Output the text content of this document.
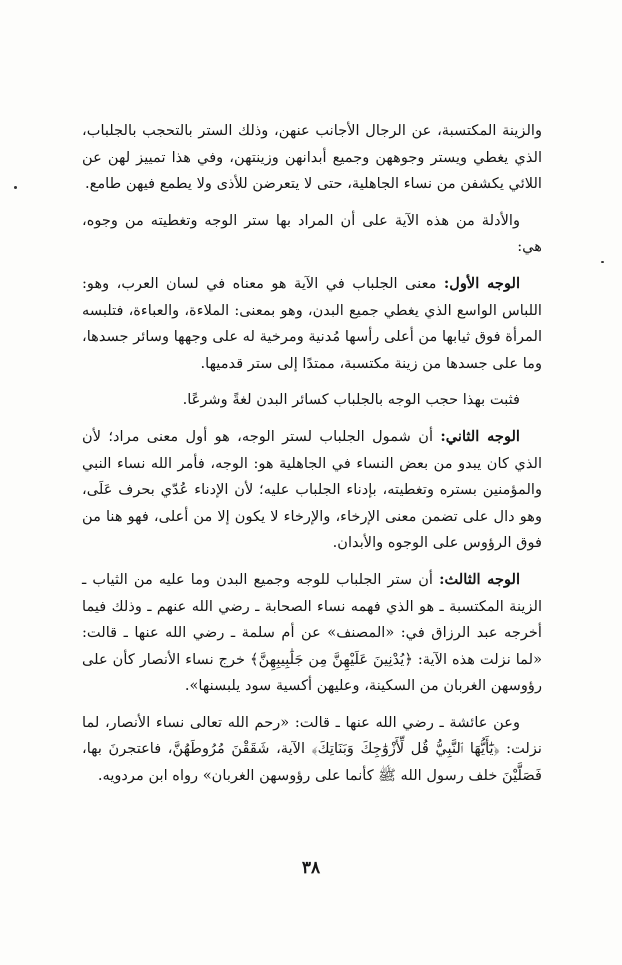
والزينة المكتسبة، عن الرجال الأجانب عنهن، وذلك الستر بالتحجب بالجلباب، الذي يغطي ويستر وجوههن وجميع أبدانهن وزينتهن، وفي هذا تمييز لهن عن اللائي يكشفن من نساء الجاهلية، حتى لا يتعرضن للأذى ولا يطمع فيهن طامع.

والأدلة من هذه الآية على أن المراد بها ستر الوجه وتغطيته من وجوه، هي:

الوجه الأول: معنى الجلباب في الآية هو معناه في لسان العرب، وهو: اللباس الواسع الذي يغطي جميع البدن، وهو بمعنى: الملاءة، والعباءة، فتلبسه المرأة فوق ثيابها من أعلى رأسها مُدنية ومرخية له على وجهها وسائر جسدها، وما على جسدها من زينة مكتسبة، ممتدًا إلى ستر قدميها.

فثبت بهذا حجب الوجه بالجلباب كسائر البدن لغةً وشرعًا.

الوجه الثاني: أن شمول الجلباب لستر الوجه، هو أول معنى مراد؛ لأن الذي كان يبدو من بعض النساء في الجاهلية هو: الوجه، فأمر الله نساء النبي والمؤمنين بستره وتغطيته، بإدناء الجلباب عليه؛ لأن الإدناء عُدّي بحرف عَلَى، وهو دال على تضمن معنى الإرخاء، والإرخاء لا يكون إلا من أعلى، فهو هنا من فوق الرؤوس على الوجوه والأبدان.

الوجه الثالث: أن ستر الجلباب للوجه وجميع البدن وما عليه من الثياب ـ الزينة المكتسبة ـ هو الذي فهمه نساء الصحابة ـ رضي الله عنهم ـ وذلك فيما أخرجه عبد الرزاق في: «المصنف» عن أم سلمة ـ رضي الله عنها ـ قالت: «لما نزلت هذه الآية: ﴿يُدْنِينَ عَلَيْهِنَّ مِن جَلَٰبِيبِهِنَّ﴾ خرج نساء الأنصار كأن على رؤوسهن الغربان من السكينة، وعليهن أكسية سود يلبسنها».

وعن عائشة ـ رضي الله عنها ـ قالت: «رحم الله تعالى نساء الأنصار، لما نزلت: ﴿يَٰٓأَيُّهَا ٱلنَّبِيُّ قُل لِّأَزْوَٰجِكَ وَبَنَاتِكَ﴾ الآية، شَقَقْنَ مُرُوطَهُنَّ، فاعتجرنَ بها، فَصَلَّيْنَ خلف رسول الله ﷺ كأنما على رؤوسهن الغربان» رواه ابن مردويه.

٣٨
